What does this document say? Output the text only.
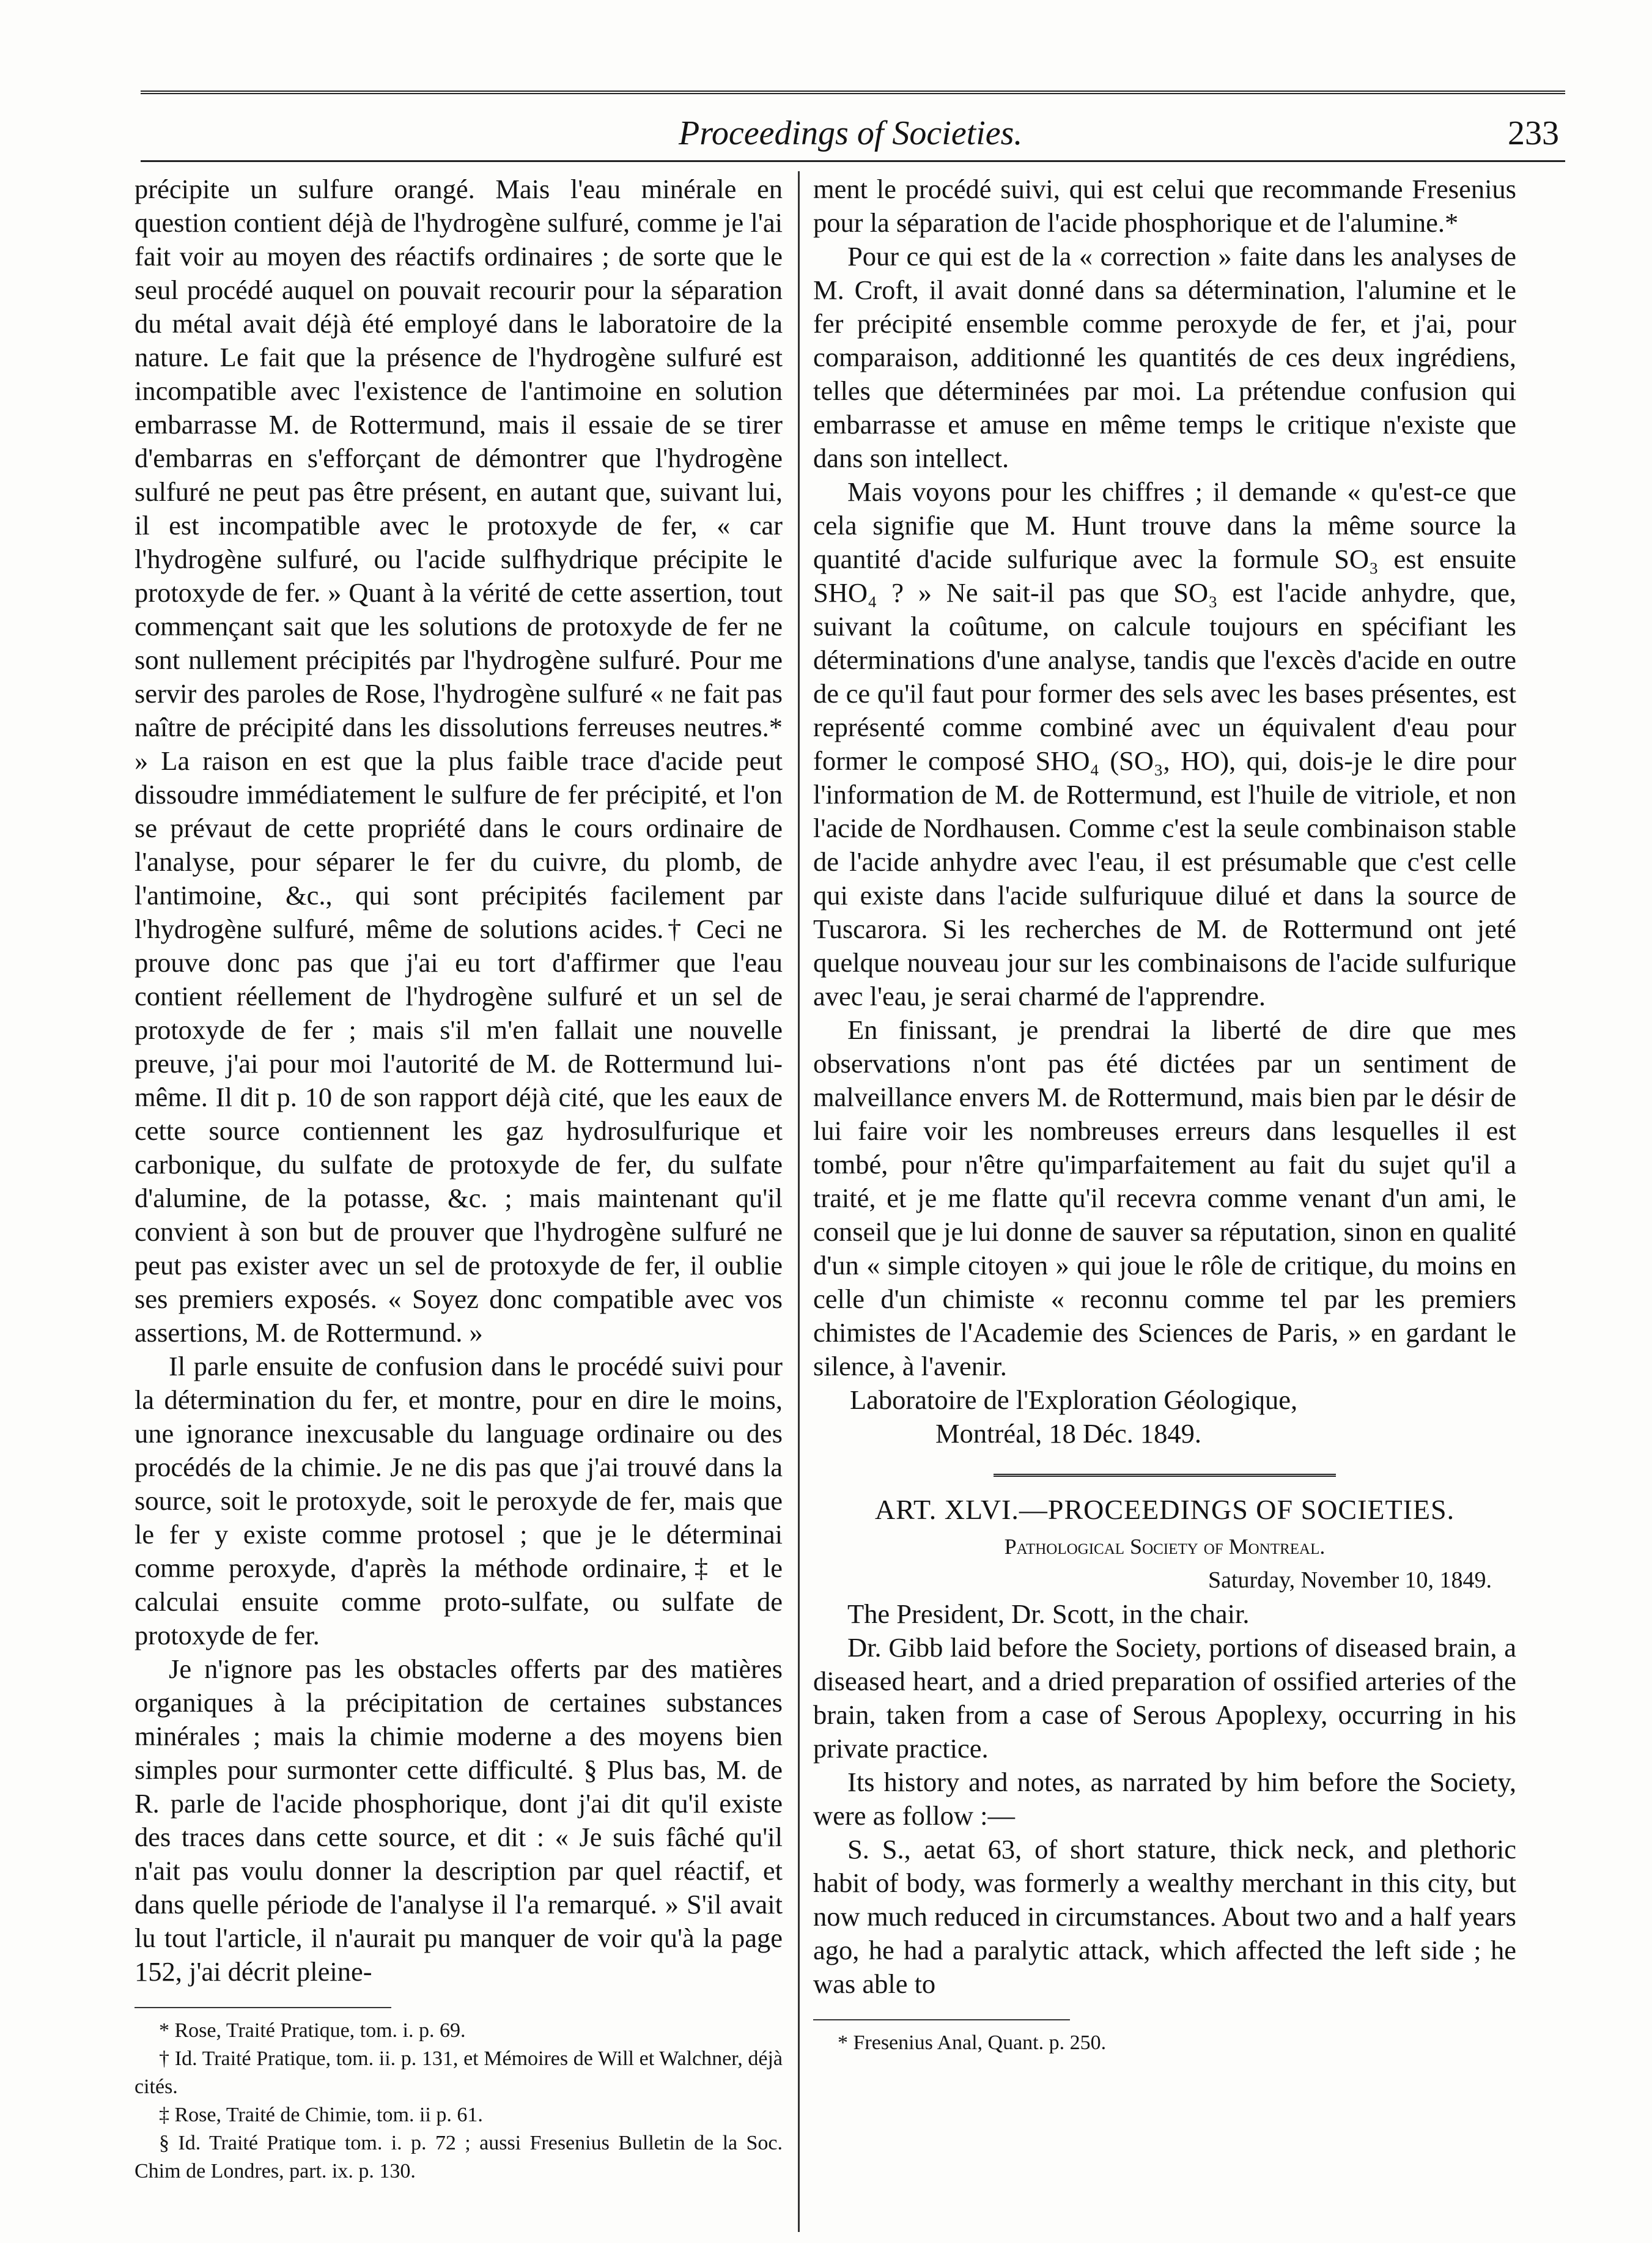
Proceedings of Societies.	233

précipite un sulfure orangé. Mais l'eau minérale en question contient déjà de l'hydrogène sulfuré, comme je l'ai fait voir au moyen des réactifs ordinaires ; de sorte que le seul procédé auquel on pouvait recourir pour la séparation du métal avait déjà été employé dans le laboratoire de la nature. Le fait que la présence de l'hydrogène sulfuré est incompatible avec l'existence de l'antimoine en solution embarrasse M. de Rottermund, mais il essaie de se tirer d'embarras en s'efforçant de démontrer que l'hydrogène sulfuré ne peut pas être présent, en autant que, suivant lui, il est incompatible avec le protoxyde de fer, « car l'hydrogène sulfuré, ou l'acide sulfhydrique précipite le protoxyde de fer. » Quant à la vérité de cette assertion, tout commençant sait que les solutions de protoxyde de fer ne sont nullement précipités par l'hydrogène sulfuré. Pour me servir des paroles de Rose, l'hydrogène sulfuré « ne fait pas naître de précipité dans les dissolutions ferreuses neutres.* » La raison en est que la plus faible trace d'acide peut dissoudre immédiatement le sulfure de fer précipité, et l'on se prévaut de cette propriété dans le cours ordinaire de l'analyse, pour séparer le fer du cuivre, du plomb, de l'antimoine, &c., qui sont précipités facilement par l'hydrogène sulfuré, même de solutions acides.† Ceci ne prouve donc pas que j'ai eu tort d'affirmer que l'eau contient réellement de l'hydrogène sulfuré et un sel de protoxyde de fer ; mais s'il m'en fallait une nouvelle preuve, j'ai pour moi l'autorité de M. de Rottermund lui-même. Il dit p. 10 de son rapport déjà cité, que les eaux de cette source contiennent les gaz hydrosulfurique et carbonique, du sulfate de protoxyde de fer, du sulfate d'alumine, de la potasse, &c. ; mais maintenant qu'il convient à son but de prouver que l'hydrogène sulfuré ne peut pas exister avec un sel de protoxyde de fer, il oublie ses premiers exposés. « Soyez donc compatible avec vos assertions, M. de Rottermund. »

Il parle ensuite de confusion dans le procédé suivi pour la détermination du fer, et montre, pour en dire le moins, une ignorance inexcusable du language ordinaire ou des procédés de la chimie. Je ne dis pas que j'ai trouvé dans la source, soit le protoxyde, soit le peroxyde de fer, mais que le fer y existe comme protosel ; que je le déterminai comme peroxyde, d'après la méthode ordinaire,‡ et le calculai ensuite comme proto-sulfate, ou sulfate de protoxyde de fer.

Je n'ignore pas les obstacles offerts par des matières organiques à la précipitation de certaines substances minérales ; mais la chimie moderne a des moyens bien simples pour surmonter cette difficulté. § Plus bas, M. de R. parle de l'acide phosphorique, dont j'ai dit qu'il existe des traces dans cette source, et dit : « Je suis fâché qu'il n'ait pas voulu donner la description par quel réactif, et dans quelle période de l'analyse il l'a remarqué. » S'il avait lu tout l'article, il n'aurait pu manquer de voir qu'à la page 152, j'ai décrit pleine-

* Rose, Traité Pratique, tom. i. p. 69.
† Id. Traité Pratique, tom. ii. p. 131, et Mémoires de Will et Walchner, déjà cités.
‡ Rose, Traité de Chimie, tom. ii p. 61.
§ Id. Traité Pratique tom. i. p. 72 ; aussi Fresenius Bulletin de la Soc. Chim de Londres, part. ix. p. 130.

ment le procédé suivi, qui est celui que recommande Fresenius pour la séparation de l'acide phosphorique et de l'alumine.*

Pour ce qui est de la « correction » faite dans les analyses de M. Croft, il avait donné dans sa détermination, l'alumine et le fer précipité ensemble comme peroxyde de fer, et j'ai, pour comparaison, additionné les quantités de ces deux ingrédiens, telles que déterminées par moi. La prétendue confusion qui embarrasse et amuse en même temps le critique n'existe que dans son intellect.

Mais voyons pour les chiffres ; il demande « qu'est-ce que cela signifie que M. Hunt trouve dans la même source la quantité d'acide sulfurique avec la formule SO₃ est ensuite SHO₄ ? » Ne sait-il pas que SO₃ est l'acide anhydre, que, suivant la coûtume, on calcule toujours en spécifiant les déterminations d'une analyse, tandis que l'excès d'acide en outre de ce qu'il faut pour former des sels avec les bases présentes, est représenté comme combiné avec un équivalent d'eau pour former le composé SHO₄ (SO₃, HO), qui, dois-je le dire pour l'information de M. de Rottermund, est l'huile de vitriole, et non l'acide de Nordhausen. Comme c'est la seule combinaison stable de l'acide anhydre avec l'eau, il est présumable que c'est celle qui existe dans l'acide sulfuriquue dilué et dans la source de Tuscarora. Si les recherches de M. de Rottermund ont jeté quelque nouveau jour sur les combinaisons de l'acide sulfurique avec l'eau, je serai charmé de l'apprendre.

En finissant, je prendrai la liberté de dire que mes observations n'ont pas été dictées par un sentiment de malveillance envers M. de Rottermund, mais bien par le désir de lui faire voir les nombreuses erreurs dans lesquelles il est tombé, pour n'être qu'imparfaitement au fait du sujet qu'il a traité, et je me flatte qu'il recevra comme venant d'un ami, le conseil que je lui donne de sauver sa réputation, sinon en qualité d'un « simple citoyen » qui joue le rôle de critique, du moins en celle d'un chimiste « reconnu comme tel par les premiers chimistes de l'Academie des Sciences de Paris, » en gardant le silence, à l'avenir.

Laboratoire de l'Exploration Géologique,

Montréal, 18 Déc. 1849.

ART. XLVI.—PROCEEDINGS OF SOCIETIES.
Pathological Society of Montreal.
Saturday, November 10, 1849.

The President, Dr. Scott, in the chair.

Dr. Gibb laid before the Society, portions of diseased brain, a diseased heart, and a dried preparation of ossified arteries of the brain, taken from a case of Serous Apoplexy, occurring in his private practice.

Its history and notes, as narrated by him before the Society, were as follow :—

S. S., aetat 63, of short stature, thick neck, and plethoric habit of body, was formerly a wealthy merchant in this city, but now much reduced in circumstances. About two and a half years ago, he had a paralytic attack, which affected the left side ; he was able to

* Fresenius Anal, Quant. p. 250.
